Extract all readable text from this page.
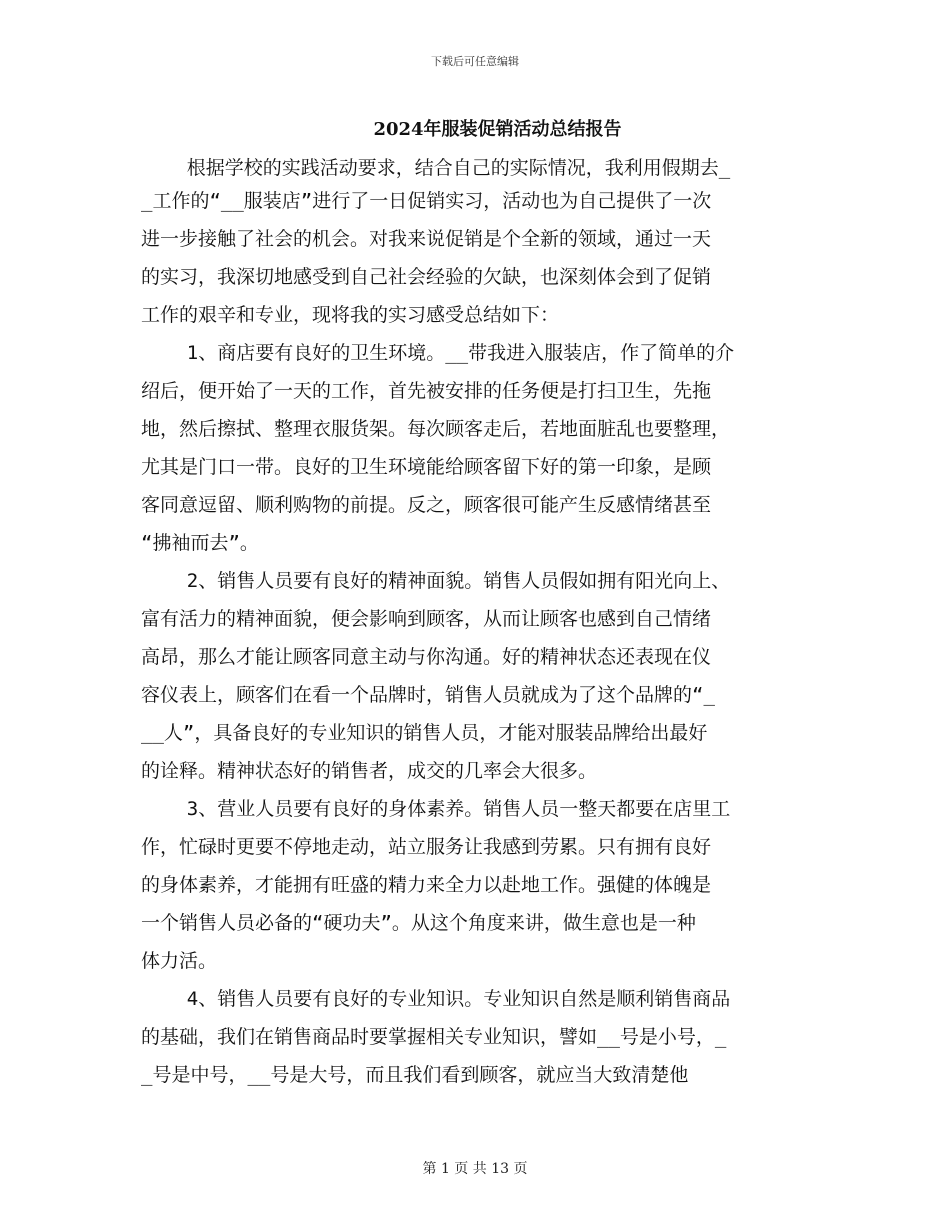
下载后可任意编辑
2024年服装促销活动总结报告
根据学校的实践活动要求，结合自己的实际情况，我利用假期去_
_工作的“__服装店”进行了一日促销实习，活动也为自己提供了一次
进一步接触了社会的机会。对我来说促销是个全新的领域，通过一天
的实习，我深切地感受到自己社会经验的欠缺，也深刻体会到了促销
工作的艰辛和专业，现将我的实习感受总结如下：
1、商店要有良好的卫生环境。__带我进入服装店，作了简单的介
绍后，便开始了一天的工作，首先被安排的任务便是打扫卫生，先拖
地，然后擦拭、整理衣服货架。每次顾客走后，若地面脏乱也要整理，
尤其是门口一带。良好的卫生环境能给顾客留下好的第一印象，是顾
客同意逗留、顺利购物的前提。反之，顾客很可能产生反感情绪甚至
“拂袖而去”。
2、销售人员要有良好的精神面貌。销售人员假如拥有阳光向上、
富有活力的精神面貌，便会影响到顾客，从而让顾客也感到自己情绪
高昂，那么才能让顾客同意主动与你沟通。好的精神状态还表现在仪
容仪表上，顾客们在看一个品牌时，销售人员就成为了这个品牌的“_
__人”，具备良好的专业知识的销售人员，才能对服装品牌给出最好
的诠释。精神状态好的销售者，成交的几率会大很多。
3、营业人员要有良好的身体素养。销售人员一整天都要在店里工
作，忙碌时更要不停地走动，站立服务让我感到劳累。只有拥有良好
的身体素养，才能拥有旺盛的精力来全力以赴地工作。强健的体魄是
一个销售人员必备的“硬功夫”。从这个角度来讲，做生意也是一种
体力活。
4、销售人员要有良好的专业知识。专业知识自然是顺利销售商品
的基础，我们在销售商品时要掌握相关专业知识，譬如__号是小号，_
_号是中号，__号是大号，而且我们看到顾客，就应当大致清楚他
第 1 页 共 13 页
